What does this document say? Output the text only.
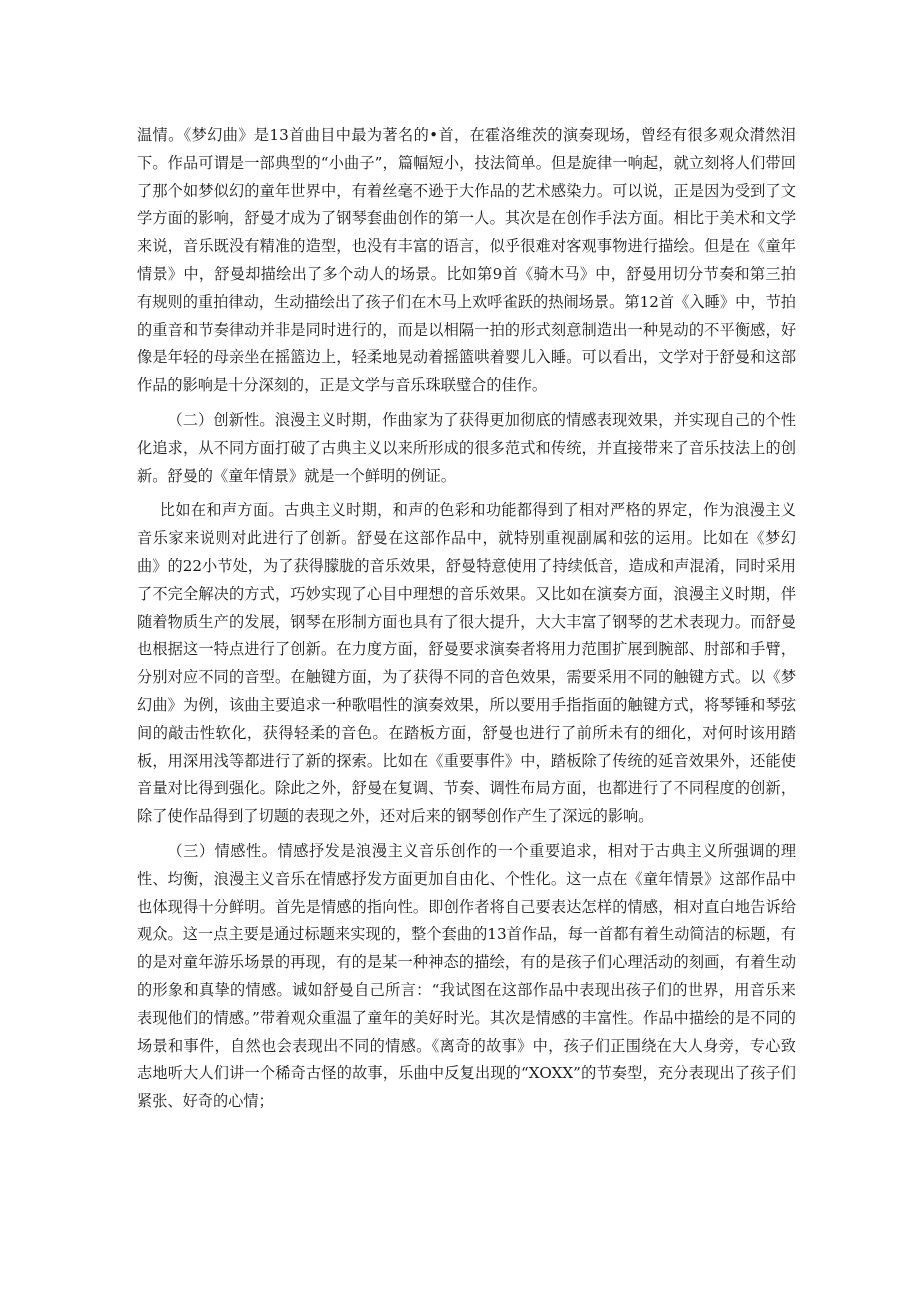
温情。《梦幻曲》是13首曲目中最为著名的•首，在霍洛维茨的演奏现场，曾经有很多观众潸然泪下。作品可谓是一部典型的“小曲子”，篇幅短小，技法简单。但是旋律一响起，就立刻将人们带回了那个如梦似幻的童年世界中，有着丝毫不逊于大作品的艺术感染力。可以说，正是因为受到了文学方面的影响，舒曼才成为了钢琴套曲创作的第一人。其次是在创作手法方面。相比于美术和文学来说，音乐既没有精准的造型，也没有丰富的语言，似乎很难对客观事物进行描绘。但是在《童年情景》中，舒曼却描绘出了多个动人的场景。比如第9首《骑木马》中，舒曼用切分节奏和第三拍有规则的重拍律动，生动描绘出了孩子们在木马上欢呼雀跃的热闹场景。第12首《入睡》中，节拍的重音和节奏律动并非是同时进行的，而是以相隔一拍的形式刻意制造出一种晃动的不平衡感，好像是年轻的母亲坐在摇篮边上，轻柔地晃动着摇篮哄着婴儿入睡。可以看出，文学对于舒曼和这部作品的影响是十分深刻的，正是文学与音乐珠联璧合的佳作。

（二）创新性。浪漫主义时期，作曲家为了获得更加彻底的情感表现效果，并实现自己的个性化追求，从不同方面打破了古典主义以来所形成的很多范式和传统，并直接带来了音乐技法上的创新。舒曼的《童年情景》就是一个鲜明的例证。

比如在和声方面。古典主义时期，和声的色彩和功能都得到了相对严格的界定，作为浪漫主义音乐家来说则对此进行了创新。舒曼在这部作品中，就特别重视副属和弦的运用。比如在《梦幻曲》的22小节处，为了获得朦胧的音乐效果，舒曼特意使用了持续低音，造成和声混淆，同时采用了不完全解决的方式，巧妙实现了心目中理想的音乐效果。又比如在演奏方面，浪漫主义时期，伴随着物质生产的发展，钢琴在形制方面也具有了很大提升，大大丰富了钢琴的艺术表现力。而舒曼也根据这一特点进行了创新。在力度方面，舒曼要求演奏者将用力范围扩展到腕部、肘部和手臂，分别对应不同的音型。在触键方面，为了获得不同的音色效果，需要采用不同的触键方式。以《梦幻曲》为例，该曲主要追求一种歌唱性的演奏效果，所以要用手指指面的触键方式，将琴锤和琴弦间的敲击性软化，获得轻柔的音色。在踏板方面，舒曼也进行了前所未有的细化，对何时该用踏板，用深用浅等都进行了新的探索。比如在《重要事件》中，踏板除了传统的延音效果外，还能使音量对比得到强化。除此之外，舒曼在复调、节奏、调性布局方面，也都进行了不同程度的创新，除了使作品得到了切题的表现之外，还对后来的钢琴创作产生了深远的影响。

（三）情感性。情感抒发是浪漫主义音乐创作的一个重要追求，相对于古典主义所强调的理性、均衡，浪漫主义音乐在情感抒发方面更加自由化、个性化。这一点在《童年情景》这部作品中也体现得十分鲜明。首先是情感的指向性。即创作者将自己要表达怎样的情感，相对直白地告诉给观众。这一点主要是通过标题来实现的，整个套曲的13首作品，每一首都有着生动简洁的标题，有的是对童年游乐场景的再现，有的是某一种神态的描绘，有的是孩子们心理活动的刻画，有着生动的形象和真挚的情感。诚如舒曼自己所言：“我试图在这部作品中表现出孩子们的世界，用音乐来表现他们的情感。”带着观众重温了童年的美好时光。其次是情感的丰富性。作品中描绘的是不同的场景和事件，自然也会表现出不同的情感。《离奇的故事》中，孩子们正围绕在大人身旁，专心致志地听大人们讲一个稀奇古怪的故事，乐曲中反复出现的“XOXX”的节奏型，充分表现出了孩子们紧张、好奇的心情；
